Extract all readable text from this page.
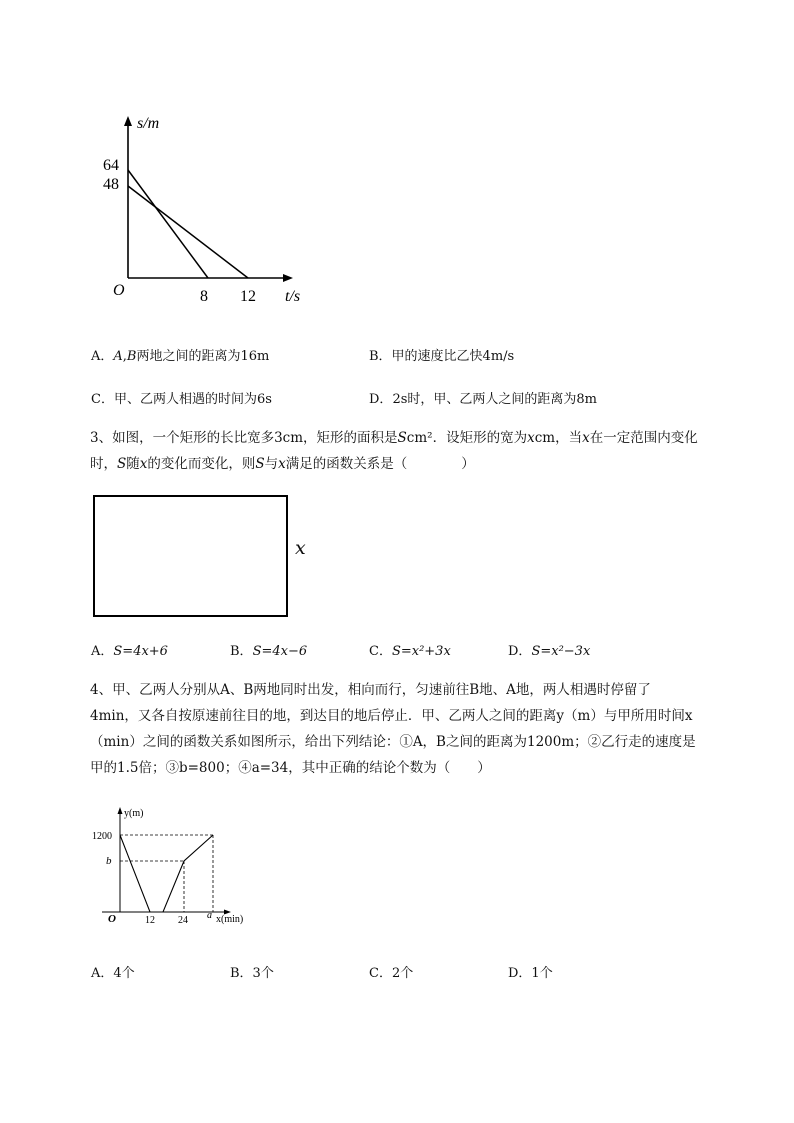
s/m
t/s
O
64
48
8 12
A．A,B两地之间的距离为16m	B．甲的速度比乙快4m/s
C．甲、乙两人相遇的时间为6s	D．2s时，甲、乙两人之间的距离为8m
3、如图，一个矩形的长比宽多3cm，矩形的面积是Scm²．设矩形的宽为xcm，当x在一定范围内变化
时，S随x的变化而变化，则S与x满足的函数关系是（　　　　）
x
A．S=4x+6	B．S=4x−6	C．S=x²+3x	D．S=x²−3x
4、甲、乙两人分别从A、B两地同时出发，相向而行，匀速前往B地、A地，两人相遇时停留了
4min，又各自按原速前往目的地，到达目的地后停止．甲、乙两人之间的距离y（m）与甲所用时间x
（min）之间的函数关系如图所示，给出下列结论：①A，B之间的距离为1200m；②乙行走的速度是
甲的1.5倍；③b=800；④a=34，其中正确的结论个数为（　　）
y(m)
x(min)
O
1200
b
12 24 a
A．4个	B．3个	C．2个	D．1个
